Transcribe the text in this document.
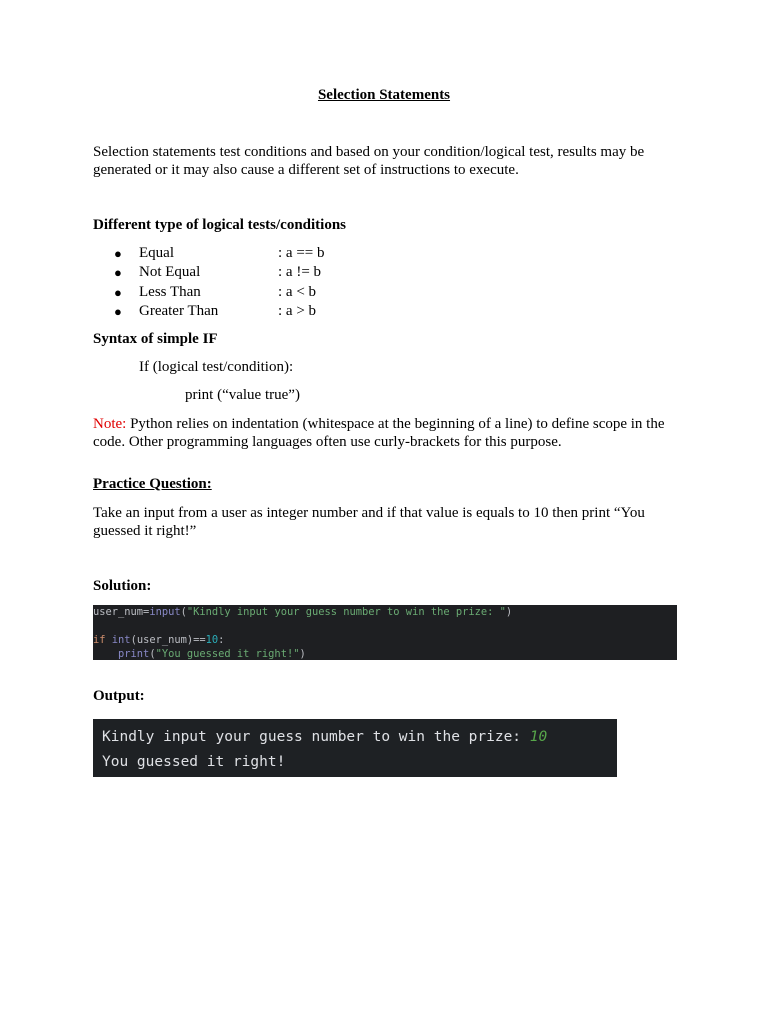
Selection Statements
Selection statements test conditions and based on your condition/logical test, results may be generated or it may also cause a different set of instructions to execute.
Different type of logical tests/conditions
● Equal	: a == b
● Not Equal	: a != b
● Less Than	: a < b
● Greater Than	: a > b
Syntax of simple IF
If (logical test/condition):
print (“value true”)
Note: Python relies on indentation (whitespace at the beginning of a line) to define scope in the code. Other programming languages often use curly-brackets for this purpose.
Practice Question:
Take an input from a user as integer number and if that value is equals to 10 then print “You guessed it right!”
Solution:
user_num=input("Kindly input your guess number to win the prize: ")

if int(user_num)==10:
print("You guessed it right!")
Output:
Kindly input your guess number to win the prize: 10
You guessed it right!
